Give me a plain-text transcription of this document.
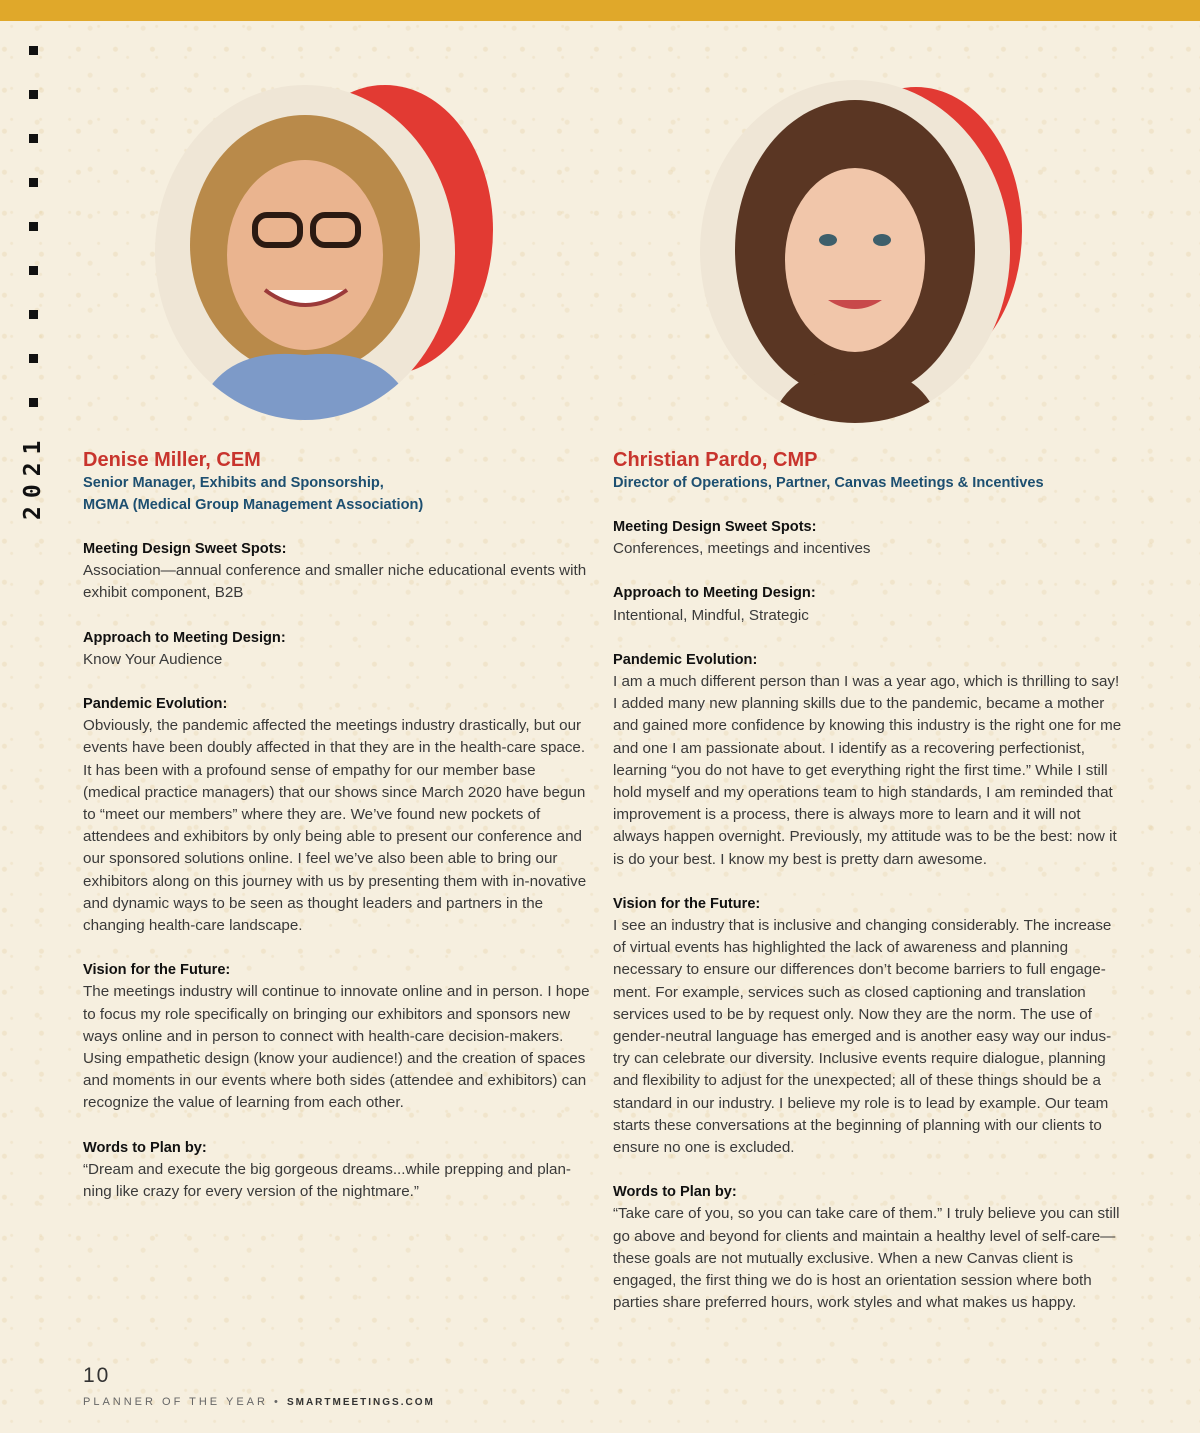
2021 Denise Miller, CEM

Senior Manager, Exhibits and Sponsorship,

MGMA (Medical Group Management Association)

Meeting Design Sweet Spots:

Association—annual conference and smaller niche educational events with exhibit component, B2B

Approach to Meeting Design:

Know Your Audience

Pandemic Evolution:

Obviously, the pandemic affected the meetings industry drastically, but our events have been doubly affected in that they are in the health-care space. It has been with a profound sense of empathy for our member base (medical practice managers) that our shows since March 2020 have begun to “meet our members” where they are. We’ve found new pockets of attendees and exhibitors by only being able to present our conference and our sponsored solutions online. I feel we’ve also been able to bring our exhibitors along on this journey with us by presenting them with in-novative and dynamic ways to be seen as thought leaders and partners in the changing health-care landscape.

Vision for the Future:

The meetings industry will continue to innovate online and in person. I hope to focus my role specifically on bringing our exhibitors and sponsors new ways online and in person to connect with health-care decision-makers. Using empathetic design (know your audience!) and the creation of spaces and moments in our events where both sides (attendee and exhibitors) can recognize the value of learning from each other.

Words to Plan by:

“Dream and execute the big gorgeous dreams...while prepping and plan-ning like crazy for every version of the nightmare.”

Christian Pardo, CMP

Director of Operations, Partner, Canvas Meetings & Incentives

Meeting Design Sweet Spots:

Conferences, meetings and incentives

Approach to Meeting Design:

Intentional, Mindful, Strategic

Pandemic Evolution:

I am a much different person than I was a year ago, which is thrilling to say! I added many new planning skills due to the pandemic, became a mother and gained more confidence by knowing this industry is the right one for me and one I am passionate about. I identify as a recovering perfectionist, learning “you do not have to get everything right the first time.” While I still hold myself and my operations team to high standards, I am reminded that improvement is a process, there is always more to learn and it will not always happen overnight. Previously, my attitude was to be the best: now it is do your best. I know my best is pretty darn awesome.

Vision for the Future:

I see an industry that is inclusive and changing considerably. The increase of virtual events has highlighted the lack of awareness and planning necessary to ensure our differences don’t become barriers to full engage-ment. For example, services such as closed captioning and translation services used to be by request only. Now they are the norm. The use of gender-neutral language has emerged and is another easy way our indus-try can celebrate our diversity. Inclusive events require dialogue, planning and flexibility to adjust for the unexpected; all of these things should be a standard in our industry. I believe my role is to lead by example. Our team starts these conversations at the beginning of planning with our clients to ensure no one is excluded.

Words to Plan by:

“Take care of you, so you can take care of them.” I truly believe you can still go above and beyond for clients and maintain a healthy level of self-care—these goals are not mutually exclusive. When a new Canvas client is engaged, the first thing we do is host an orientation session where both parties share preferred hours, work styles and what makes us happy.

10
PLANNER OF THE YEAR • SMARTMEETINGS.COM
